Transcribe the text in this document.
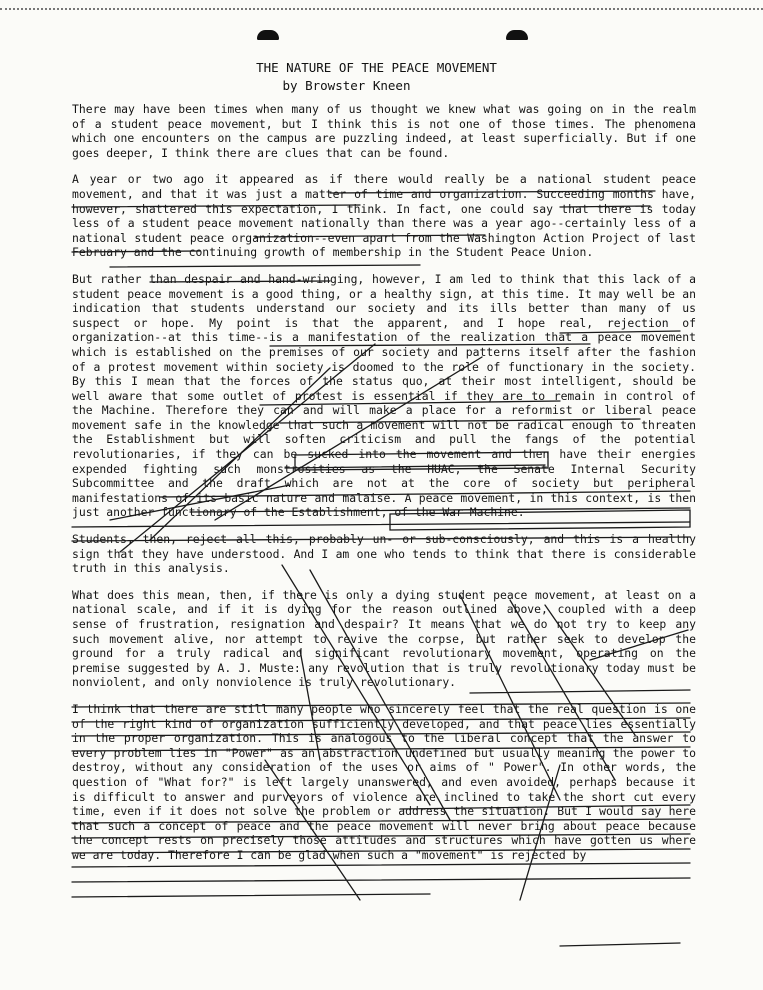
THE NATURE OF THE PEACE MOVEMENT
by Browster Kneen

There may have been times when many of us thought we knew what was going on in the realm of a student peace movement, but I think this is not one of those times. The phenomena which one encounters on the campus are puzzling indeed, at least superficially. But if one goes deeper, I think there are clues that can be found.

A year or two ago it appeared as if there would really be a national student peace movement, and that it was just a matter of time and organization. Succeeding months have, however, shattered this expectation, I think. In fact, one could say that there is today less of a student peace movement nationally than there was a year ago--certainly less of a national student peace organization--even apart from the Washington Action Project of last February and the continuing growth of membership in the Student Peace Union.

But rather than despair and hand-wringing, however, I am led to think that this lack of a student peace movement is a good thing, or a healthy sign, at this time. It may well be an indication that students understand our society and its ills better than many of us suspect or hope. My point is that the apparent, and I hope real, rejection of organization--at this time--is a manifestation of the realization that a peace movement which is established on the premises of our society and patterns itself after the fashion of a protest movement within society is doomed to the role of functionary in the society. By this I mean that the forces of the status quo, at their most intelligent, should be well aware that some outlet of protest is essential if they are to remain in control of the Machine. Therefore they can and will make a place for a reformist or liberal peace movement safe in the knowledge that such a movement will not be radical enough to threaten the Establishment but will soften criticism and pull the fangs of the potential revolutionaries, if they can be sucked into the movement and then have their energies expended fighting such monstrosities as the HUAC, the Senate Internal Security Subcommittee and the draft which are not at the core of society but peripheral manifestations of its basic nature and malaise. A peace movement, in this context, is then just another functionary of the Establishment, of the War Machine.

Students, then, reject all this, probably un- or sub-consciously, and this is a healthy sign that they have understood. And I am one who tends to think that there is considerable truth in this analysis.

What does this mean, then, if there is only a dying student peace movement, at least on a national scale, and if it is dying for the reason outlined above, coupled with a deep sense of frustration, resignation and despair? It means that we do not try to keep any such movement alive, nor attempt to revive the corpse, but rather seek to develop the ground for a truly radical and significant revolutionary movement, operating on the premise suggested by A. J. Muste: any revolution that is truly revolutionary today must be nonviolent, and only nonviolence is truly revolutionary.

I think that there are still many people who sincerely feel that the real question is one of the right kind of organization sufficiently developed, and that peace lies essentially in the proper organization. This is analogous to the liberal concept that the answer to every problem lies in "Power" as an abstraction undefined but usually meaning the power to destroy, without any consideration of the uses or aims of " Power". In other words, the question of "What for?" is left largely unanswered, and even avoided, perhaps because it is difficult to answer and purveyors of violence are inclined to take the short cut every time, even if it does not solve the problem or address the situation. But I would say here that such a concept of peace and the peace movement will never bring about peace because the concept rests on precisely those attitudes and structures which have gotten us where we are today. Therefore I can be glad when such a "movement" is rejected by
